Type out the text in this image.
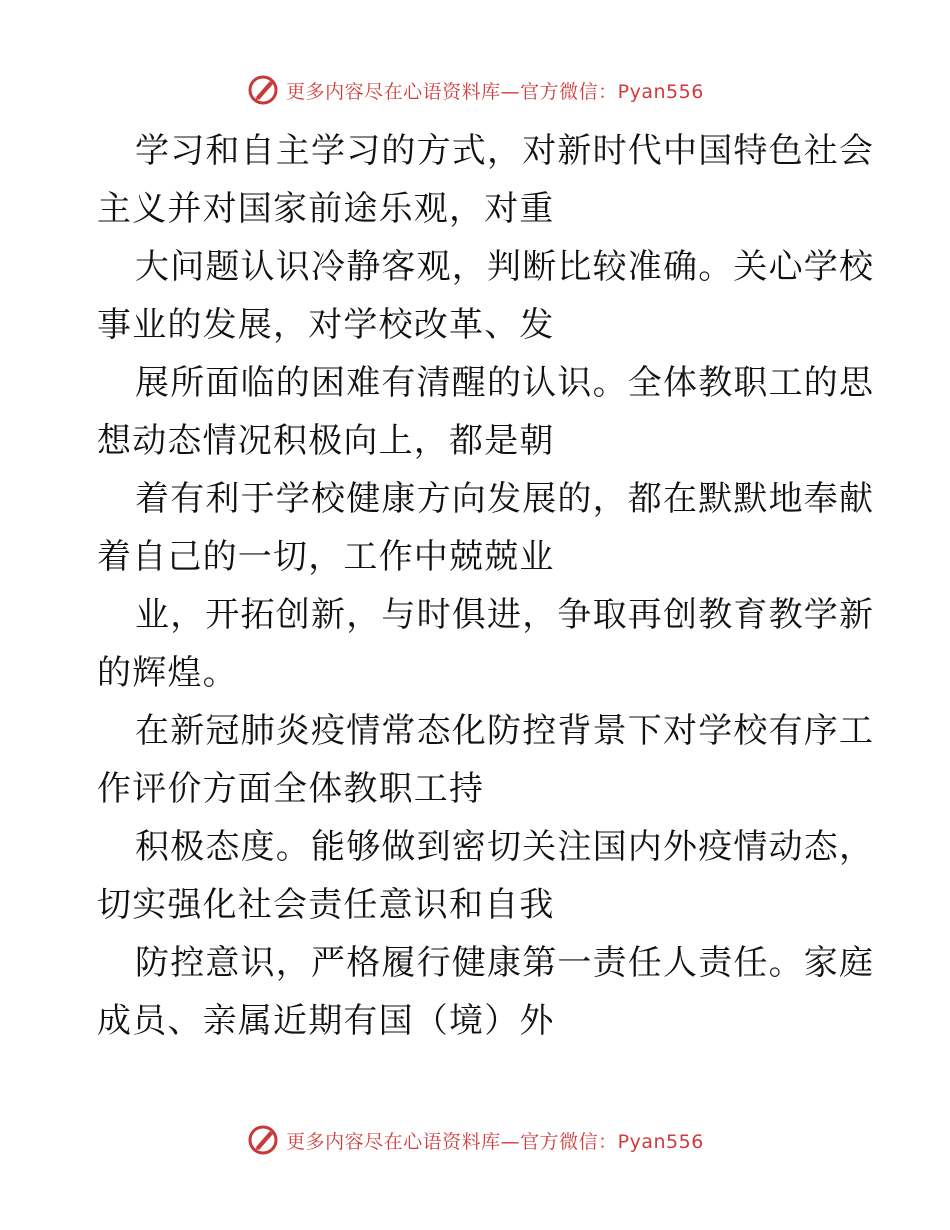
更多内容尽在心语资料库—官方微信：Pyan556

学习和自主学习的方式，对新时代中国特色社会
主义并对国家前途乐观，对重

大问题认识冷静客观，判断比较准确。关心学校
事业的发展，对学校改革、发

展所面临的困难有清醒的认识。全体教职工的思
想动态情况积极向上，都是朝

着有利于学校健康方向发展的，都在默默地奉献
着自己的一切，工作中兢兢业

业，开拓创新，与时俱进，争取再创教育教学新
的辉煌。

在新冠肺炎疫情常态化防控背景下对学校有序工
作评价方面全体教职工持

积极态度。能够做到密切关注国内外疫情动态，
切实强化社会责任意识和自我

防控意识，严格履行健康第一责任人责任。家庭
成员、亲属近期有国（境）外

更多内容尽在心语资料库—官方微信：Pyan556
